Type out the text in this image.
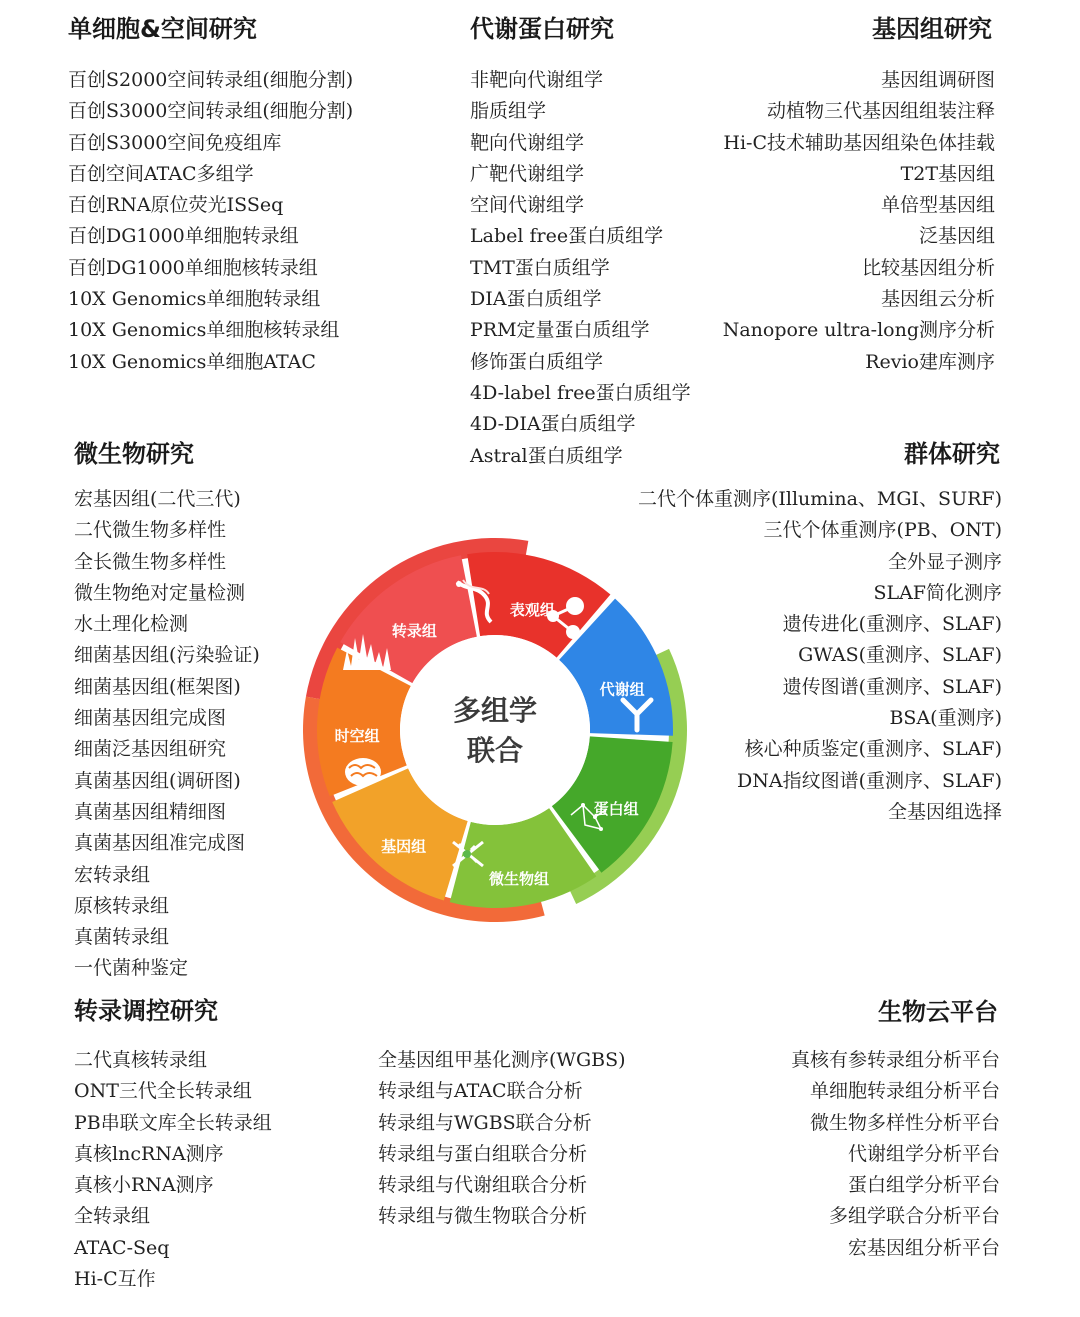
单细胞&空间研究
百创S2000空间转录组(细胞分割)
百创S3000空间转录组(细胞分割)
百创S3000空间免疫组库
百创空间ATAC多组学
百创RNA原位荧光ISSeq
百创DG1000单细胞转录组
百创DG1000单细胞核转录组
10X Genomics单细胞转录组
10X Genomics单细胞核转录组
10X Genomics单细胞ATAC
代谢蛋白研究
非靶向代谢组学
脂质组学
靶向代谢组学
广靶代谢组学
空间代谢组学
Label free蛋白质组学
TMT蛋白质组学
DIA蛋白质组学
PRM定量蛋白质组学
修饰蛋白质组学
4D-label free蛋白质组学
4D-DIA蛋白质组学
Astral蛋白质组学
基因组研究
基因组调研图
动植物三代基因组组装注释
Hi-C技术辅助基因组染色体挂载
T2T基因组
单倍型基因组
泛基因组
比较基因组分析
基因组云分析
Nanopore ultra-long测序分析
Revio建库测序
微生物研究
宏基因组(二代三代)
二代微生物多样性
全长微生物多样性
微生物绝对定量检测
水土理化检测
细菌基因组(污染验证)
细菌基因组(框架图)
细菌基因组完成图
细菌泛基因组研究
真菌基因组(调研图)
真菌基因组精细图
真菌基因组准完成图
宏转录组
原核转录组
真菌转录组
一代菌种鉴定
群体研究
二代个体重测序(Illumina、MGI、SURF)
三代个体重测序(PB、ONT)
全外显子测序
SLAF简化测序
遗传进化(重测序、SLAF)
GWAS(重测序、SLAF)
遗传图谱(重测序、SLAF)
BSA(重测序)
核心种质鉴定(重测序、SLAF)
DNA指纹图谱(重测序、SLAF)
全基因组选择
转录调控研究
二代真核转录组
ONT三代全长转录组
PB串联文库全长转录组
真核lncRNA测序
真核小RNA测序
全转录组
ATAC-Seq
Hi-C互作
全基因组甲基化测序(WGBS)
转录组与ATAC联合分析
转录组与WGBS联合分析
转录组与蛋白组联合分析
转录组与代谢组联合分析
转录组与微生物联合分析
生物云平台
真核有参转录组分析平台
单细胞转录组分析平台
微生物多样性分析平台
代谢组学分析平台
蛋白组学分析平台
多组学联合分析平台
宏基因组分析平台
表观组
代谢组
蛋白组
微生物组
基因组
时空组
转录组
多组学
联合
